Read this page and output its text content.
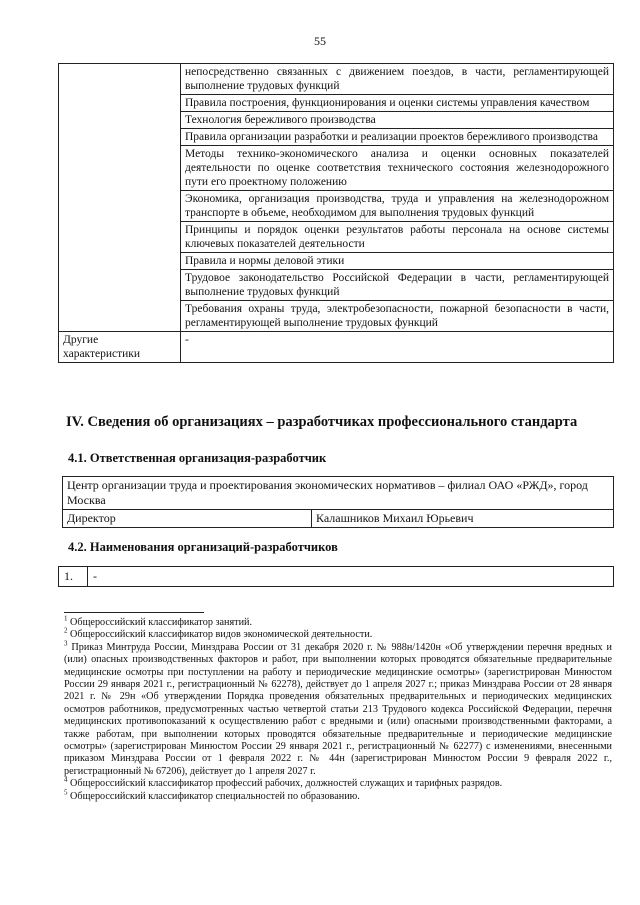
55
	непосредственно связанных с движением поездов, в части, регламентирующей выполнение трудовых функций
	Правила построения, функционирования и оценки системы управления качеством
	Технология бережливого производства
	Правила организации разработки и реализации проектов бережливого производства
	Методы технико-экономического анализа и оценки основных показателей деятельности по оценке соответствия технического состояния железнодорожного пути его проектному положению
	Экономика, организация производства, труда и управления на железнодорожном транспорте в объеме, необходимом для выполнения трудовых функций
	Принципы и порядок оценки результатов работы персонала на основе системы ключевых показателей деятельности
	Правила и нормы деловой этики
	Трудовое законодательство Российской Федерации в части, регламентирующей выполнение трудовых функций
	Требования охраны труда, электробезопасности, пожарной безопасности в части, регламентирующей выполнение трудовых функций
Другие характеристики	-
IV. Сведения об организациях – разработчиках профессионального стандарта
4.1. Ответственная организация-разработчик
Центр организации труда и проектирования экономических нормативов – филиал ОАО «РЖД», город Москва
Директор	Калашников Михаил Юрьевич
4.2. Наименования организаций-разработчиков
1.	-

$^1$ Общероссийский классификатор занятий.

$^2$ Общероссийский классификатор видов экономической деятельности.

$^3$ Приказ Минтруда России, Минздрава России от 31 декабря 2020 г. № 988н/1420н «Об утверждении перечня вредных и (или) опасных производственных факторов и работ, при выполнении которых проводятся обязательные предварительные медицинские осмотры при поступлении на работу и периодические медицинские осмотры» (зарегистрирован Минюстом России 29 января 2021 г., регистрационный № 62278), действует до 1 апреля 2027 г.; приказ Минздрава России от 28 января 2021 г. № 29н «Об утверждении Порядка проведения обязательных предварительных и периодических медицинских осмотров работников, предусмотренных частью четвертой статьи 213 Трудового кодекса Российской Федерации, перечня медицинских противопоказаний к осуществлению работ с вредными и (или) опасными производственными факторами, а также работам, при выполнении которых проводятся обязательные предварительные и периодические медицинские осмотры» (зарегистрирован Минюстом России 29 января 2021 г., регистрационный № 62277) с изменениями, внесенными приказом Минздрава России от 1 февраля 2022 г. № 44н (зарегистрирован Минюстом России 9 февраля 2022 г., регистрационный № 67206), действует до 1 апреля 2027 г.

$^4$ Общероссийский классификатор профессий рабочих, должностей служащих и тарифных разрядов.

$^5$ Общероссийский классификатор специальностей по образованию.
